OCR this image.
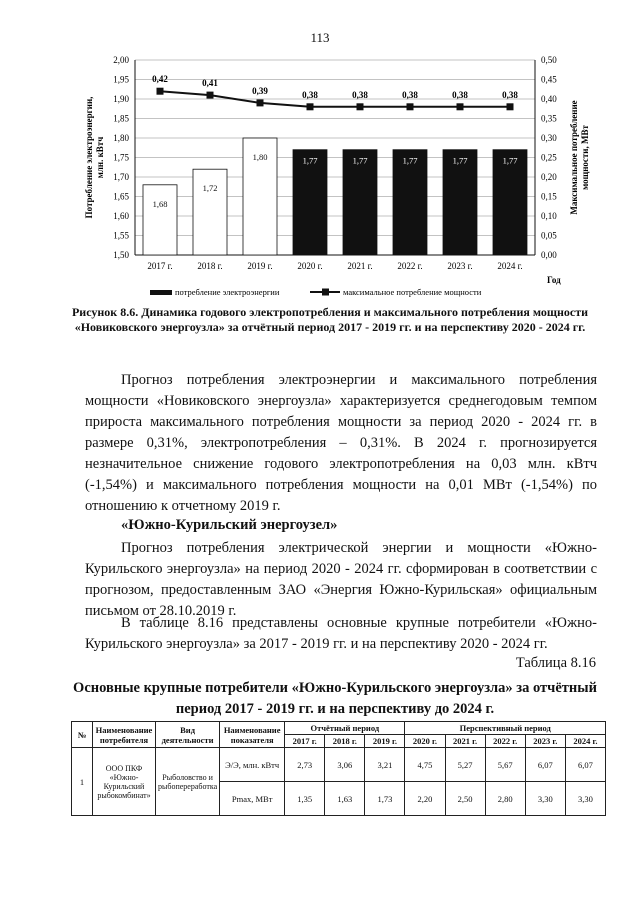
113
1,50
1,55
1,60
1,65
1,70
1,75
1,80
1,85
1,90
1,95
2,00
0,00
0,05
0,10
0,15
0,20
0,25
0,30
0,35
0,40
0,45
0,50
1,68
1,72
1,80	1,77	1,77	1,77	1,77	1,77
0,42	0,41
0,39	0,38	0,38	0,38	0,38	0,38
2017 г.	2018 г.	2019 г.	2020 г.	2021 г.	2022 г.	2023 г.	2024 г.
Год
Потребление электроэнергии,млн. кВтч	Максимальное потреблениемощности, МВт
потребление электроэнергии	максимальное потребление мощности
Рисунок 8.6. Динамика годового электропотребления и максимального потребления мощности «Новиковского энергоузла» за отчётный период 2017 - 2019 гг. и на перспективу 2020 - 2024 гг.
Прогноз потребления электроэнергии и максимального потребления мощности «Новиковского энергоузла» характеризуется среднегодовым темпом прироста максимального потребления мощности за период 2020 - 2024 гг. в размере 0,31%, электропотребления – 0,31%. В 2024 г. прогнозируется незначительное снижение годового электропотребления на 0,03 млн. кВтч (-1,54%) и максимального потребления мощности на 0,01 МВт (-1,54%) по отношению к отчетному 2019 г.
«Южно-Курильский энергоузел»
Прогноз потребления электрической энергии и мощности «Южно-Курильского энергоузла» на период 2020 - 2024 гг. сформирован в соответствии с прогнозом, предоставленным ЗАО «Энергия Южно-Курильская» официальным письмом от 28.10.2019 г.
В таблице 8.16 представлены основные крупные потребители «Южно-Курильского энергоузла» за 2017 - 2019 гг. и на перспективу 2020 - 2024 гг.
Таблица 8.16
Основные крупные потребители «Южно-Курильского энергоузла» за отчётный период 2017 - 2019 гг. и на перспективу до 2024 г.
№	Наименование потребителя	Вид деятельности	Наименование показателя	Отчётный период			Перспективный период				
				2017 г.	2018 г.	2019 г.	2020 г.	2021 г.	2022 г.	2023 г.	2024 г.
1	ООО ПКФ «Южно-Курильский рыбокомбинат»	Рыболовство и рыбопереработка	Э/Э, млн. кВтч	2,73	3,06	3,21	4,75	5,27	5,67	6,07	6,07
			Pmax, МВт	1,35	1,63	1,73	2,20	2,50	2,80	3,30	3,30
